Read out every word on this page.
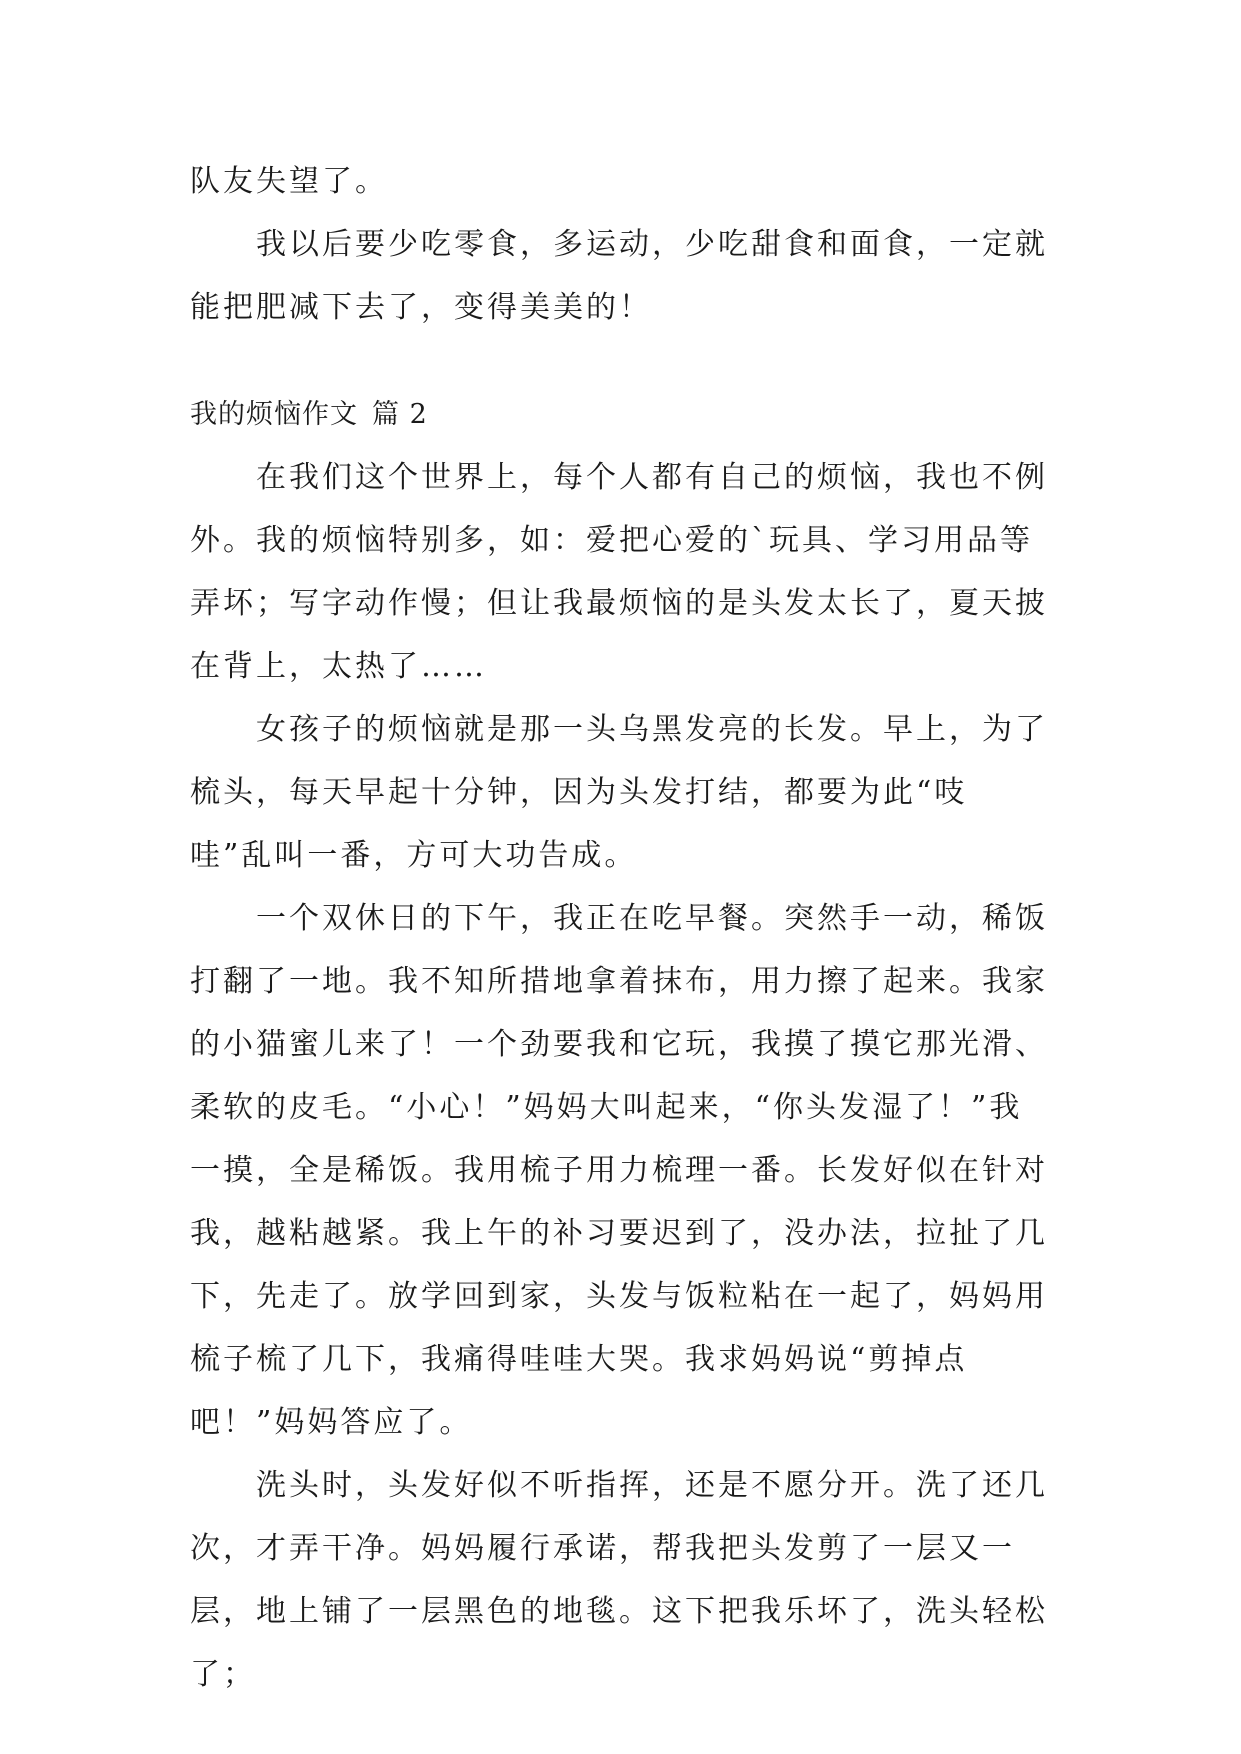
队友失望了。

我以后要少吃零食，多运动，少吃甜食和面食，一定就能把肥减下去了，变得美美的！

我的烦恼作文 篇 2

在我们这个世界上，每个人都有自己的烦恼，我也不例外。我的烦恼特别多，如：爱把心爱的`玩具、学习用品等弄坏；写字动作慢；但让我最烦恼的是头发太长了，夏天披在背上，太热了……

女孩子的烦恼就是那一头乌黑发亮的长发。早上，为了梳头，每天早起十分钟，因为头发打结，都要为此“吱哇”乱叫一番，方可大功告成。

一个双休日的下午，我正在吃早餐。突然手一动，稀饭打翻了一地。我不知所措地拿着抹布，用力擦了起来。我家的小猫蜜儿来了！一个劲要我和它玩，我摸了摸它那光滑、柔软的皮毛。“小心！”妈妈大叫起来，“你头发湿了！”我一摸，全是稀饭。我用梳子用力梳理一番。长发好似在针对我，越粘越紧。我上午的补习要迟到了，没办法，拉扯了几下，先走了。放学回到家，头发与饭粒粘在一起了，妈妈用梳子梳了几下，我痛得哇哇大哭。我求妈妈说“剪掉点吧！”妈妈答应了。

洗头时，头发好似不听指挥，还是不愿分开。洗了还几次，才弄干净。妈妈履行承诺，帮我把头发剪了一层又一层，地上铺了一层黑色的地毯。这下把我乐坏了，洗头轻松了；
